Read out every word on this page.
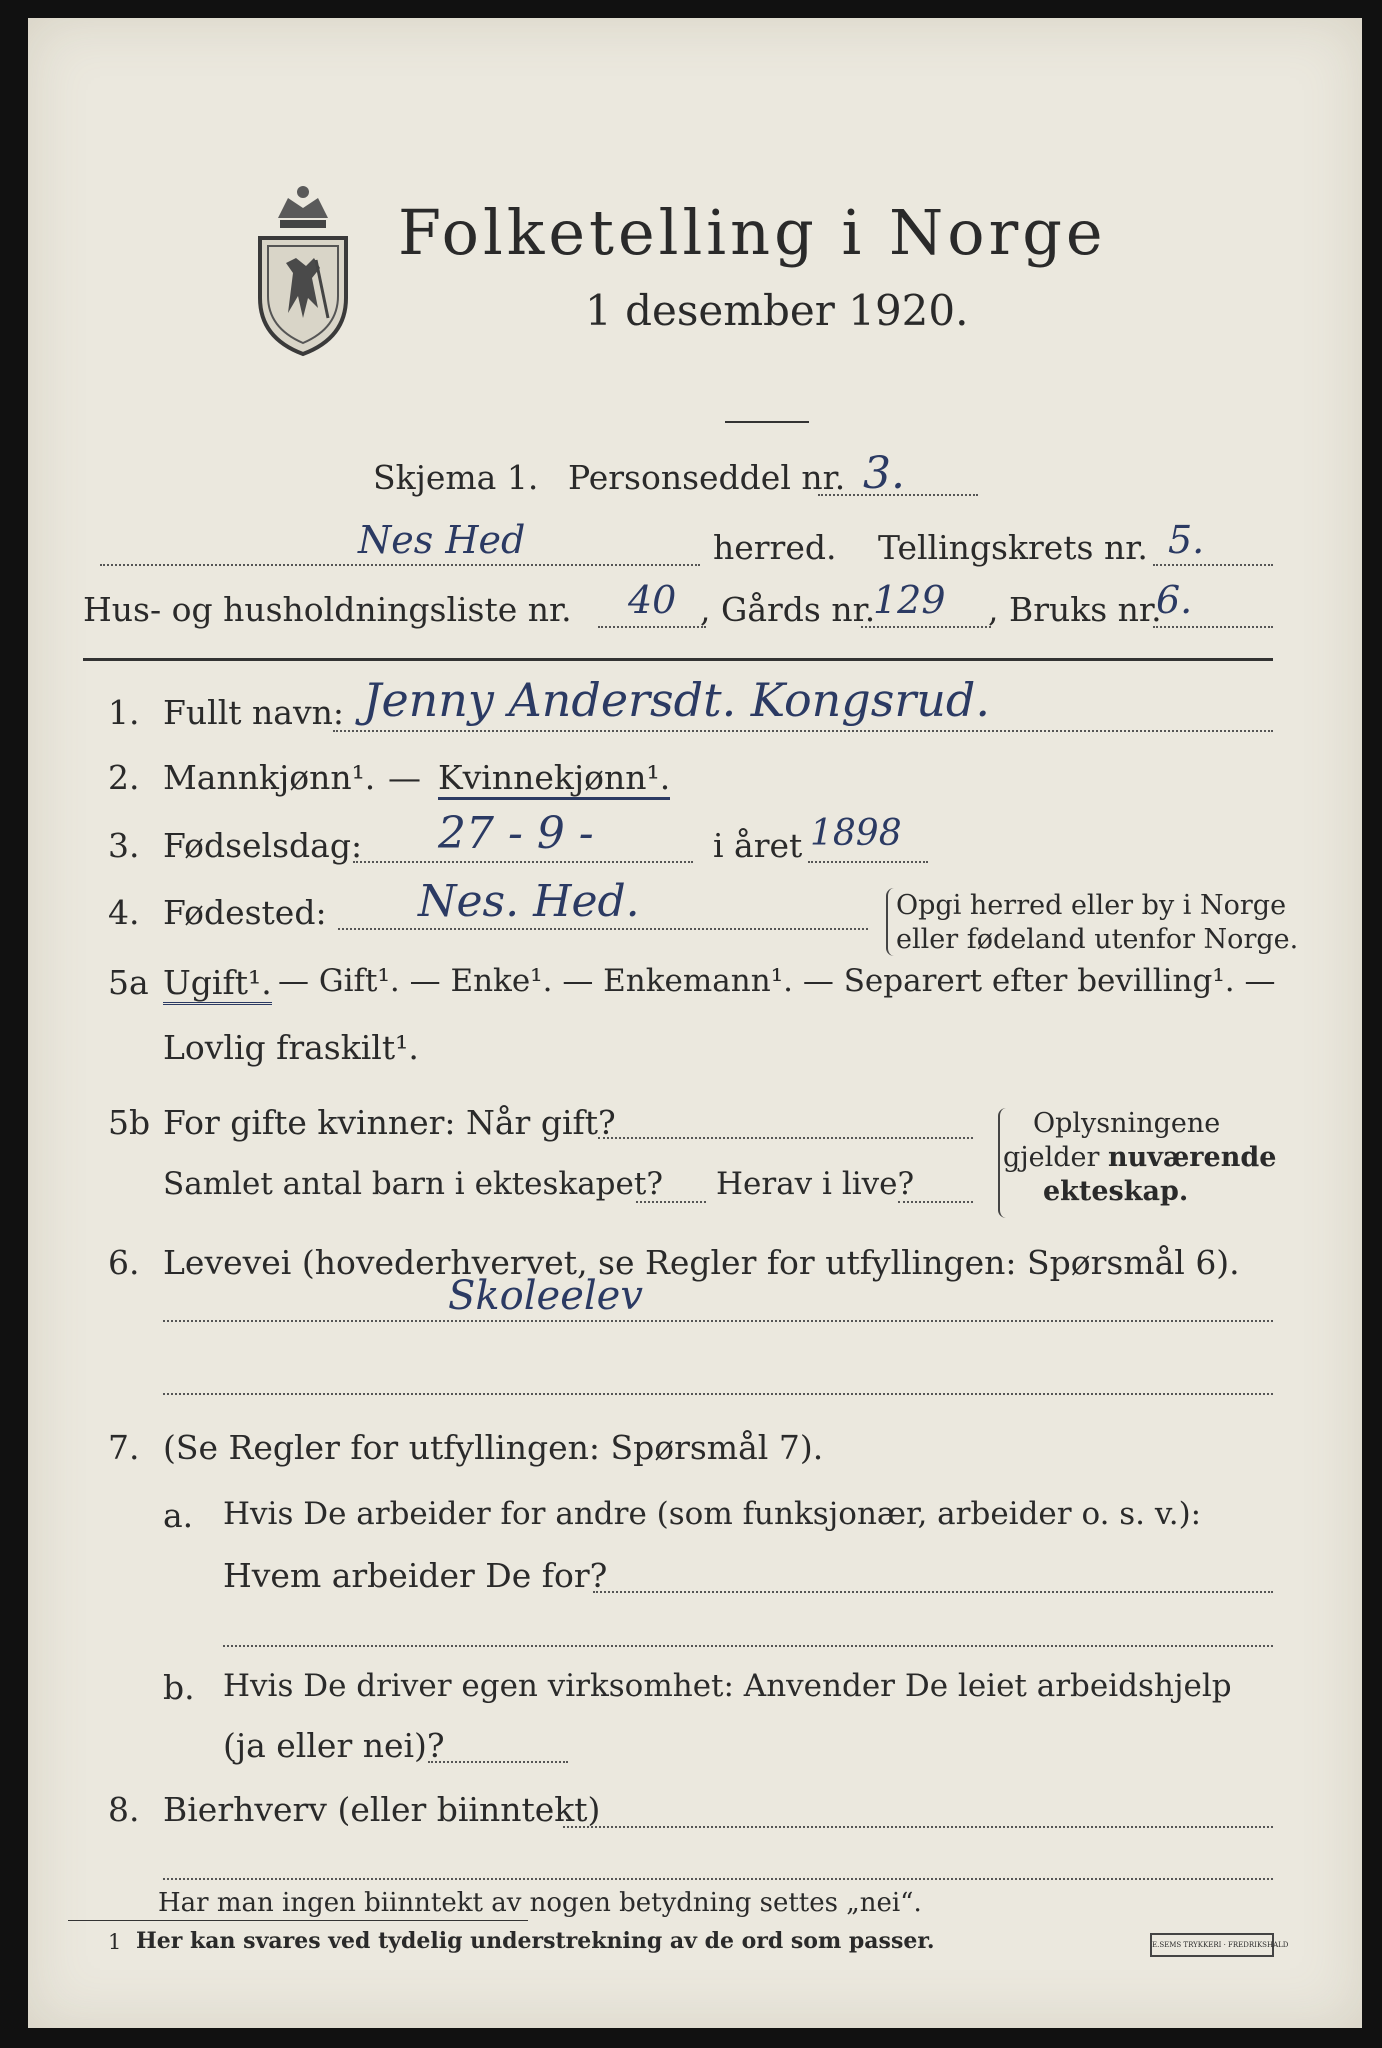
Folketelling i Norge
1 desember 1920.
Skjema 1. Personseddel nr. 3.
Nes Hed	herred. Tellingskrets nr. 5.
Hus- og husholdningsliste nr. 40 , Gårds nr.
129 , Bruks nr.
6.
1. Fullt navn: Jenny Andersdt. Kongsrud.
2. Mannkjønn¹. — Kvinnekjønn¹.
3. Fødselsdag: 27 - 9 -	i året 1898
4. Fødested: Nes. Hed.	Opgi herred eller by i Norge
eller fødeland utenfor Norge.
5a Ugift¹. — Gift¹. — Enke¹. — Enkemann¹. — Separert efter bevilling¹. —
Lovlig fraskilt¹.
5b For gifte kvinner: Når gift?
Samlet antal barn i ekteskapet? Herav i live?
Oplysningene
gjelder nuværende
ekteskap.
6. Levevei (hovederhvervet, se Regler for utfyllingen: Spørsmål 6).
Skoleelev
7. (Se Regler for utfyllingen: Spørsmål 7).
a. Hvis De arbeider for andre (som funksjonær, arbeider o. s. v.):
Hvem arbeider De for?
b. Hvis De driver egen virksomhet: Anvender De leiet arbeidshjelp
(ja eller nei)?
8. Bierhverv (eller biinntekt)
Har man ingen biinntekt av nogen betydning settes „nei“.
1 Her kan svares ved tydelig understrekning av de ord som passer.	E.SEMS TRYKKERI · FREDRIKSHALD
